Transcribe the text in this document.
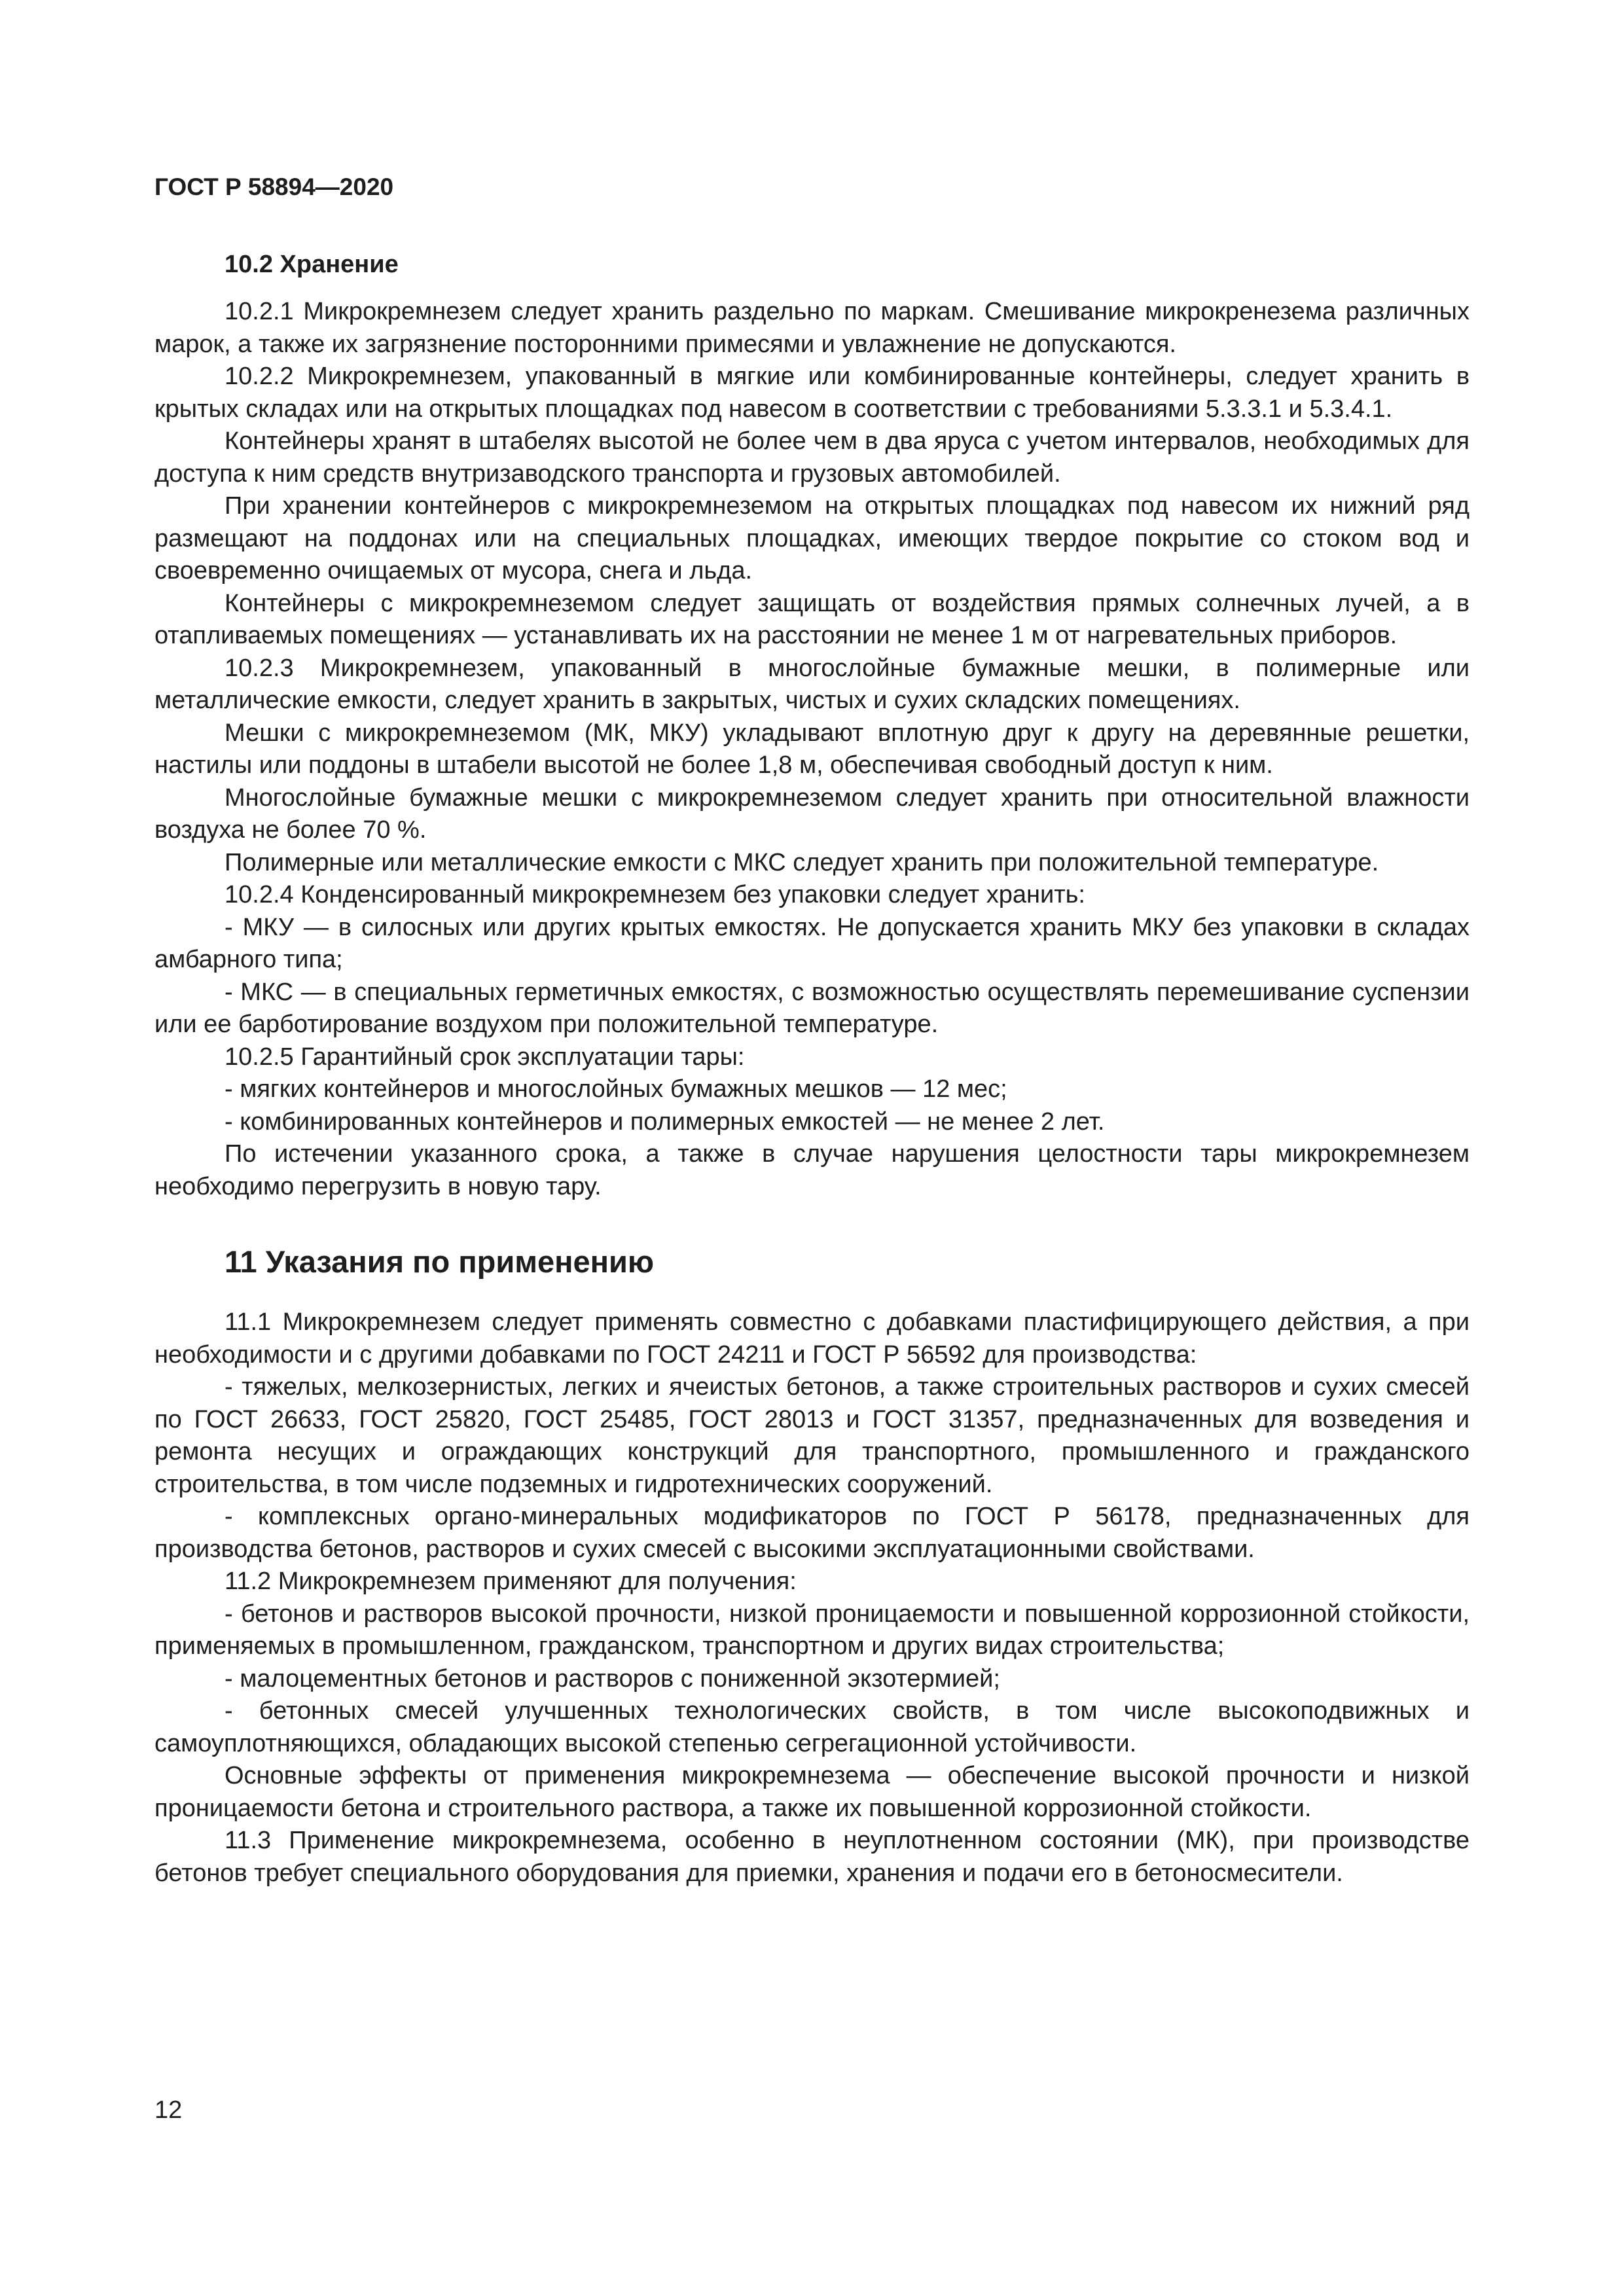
ГОСТ Р 58894—2020
10.2 Хранение

10.2.1 Микрокремнезем следует хранить раздельно по маркам. Смешивание микрокренезема различных марок, а также их загрязнение посторонними примесями и увлажнение не допускаются.

10.2.2 Микрокремнезем, упакованный в мягкие или комбинированные контейнеры, следует хранить в крытых складах или на открытых площадках под навесом в соответствии с требованиями 5.3.3.1 и 5.3.4.1.

Контейнеры хранят в штабелях высотой не более чем в два яруса с учетом интервалов, необходимых для доступа к ним средств внутризаводского транспорта и грузовых автомобилей.

При хранении контейнеров с микрокремнеземом на открытых площадках под навесом их нижний ряд размещают на поддонах или на специальных площадках, имеющих твердое покрытие со стоком вод и своевременно очищаемых от мусора, снега и льда.

Контейнеры с микрокремнеземом следует защищать от воздействия прямых солнечных лучей, а в отапливаемых помещениях — устанавливать их на расстоянии не менее 1 м от нагревательных приборов.

10.2.3 Микрокремнезем, упакованный в многослойные бумажные мешки, в полимерные или металлические емкости, следует хранить в закрытых, чистых и сухих складских помещениях.

Мешки с микрокремнеземом (МК, МКУ) укладывают вплотную друг к другу на деревянные решетки, настилы или поддоны в штабели высотой не более 1,8 м, обеспечивая свободный доступ к ним.

Многослойные бумажные мешки с микрокремнеземом следует хранить при относительной влажности воздуха не более 70 %.

Полимерные или металлические емкости с МКС следует хранить при положительной температуре.

10.2.4 Конденсированный микрокремнезем без упаковки следует хранить:

- МКУ — в силосных или других крытых емкостях. Не допускается хранить МКУ без упаковки в складах амбарного типа;

- МКС — в специальных герметичных емкостях, с возможностью осуществлять перемешивание суспензии или ее барботирование воздухом при положительной температуре.

10.2.5 Гарантийный срок эксплуатации тары:

- мягких контейнеров и многослойных бумажных мешков — 12 мес;

- комбинированных контейнеров и полимерных емкостей — не менее 2 лет.

По истечении указанного срока, а также в случае нарушения целостности тары микрокремнезем необходимо перегрузить в новую тару.

11 Указания по применению

11.1 Микрокремнезем следует применять совместно с добавками пластифицирующего действия, а при необходимости и с другими добавками по ГОСТ 24211 и ГОСТ Р 56592 для производства:

- тяжелых, мелкозернистых, легких и ячеистых бетонов, а также строительных растворов и сухих смесей по ГОСТ 26633, ГОСТ 25820, ГОСТ 25485, ГОСТ 28013 и ГОСТ 31357, предназначенных для возведения и ремонта несущих и ограждающих конструкций для транспортного, промышленного и гражданского строительства, в том числе подземных и гидротехнических сооружений.

- комплексных органо-минеральных модификаторов по ГОСТ Р 56178, предназначенных для производства бетонов, растворов и сухих смесей с высокими эксплуатационными свойствами.

11.2 Микрокремнезем применяют для получения:

- бетонов и растворов высокой прочности, низкой проницаемости и повышенной коррозионной стойкости, применяемых в промышленном, гражданском, транспортном и других видах строительства;

- малоцементных бетонов и растворов с пониженной экзотермией;

- бетонных смесей улучшенных технологических свойств, в том числе высокоподвижных и самоуплотняющихся, обладающих высокой степенью сегрегационной устойчивости.

Основные эффекты от применения микрокремнезема — обеспечение высокой прочности и низкой проницаемости бетона и строительного раствора, а также их повышенной коррозионной стойкости.

11.3 Применение микрокремнезема, особенно в неуплотненном состоянии (МК), при производстве бетонов требует специального оборудования для приемки, хранения и подачи его в бетоносмесители.

12
